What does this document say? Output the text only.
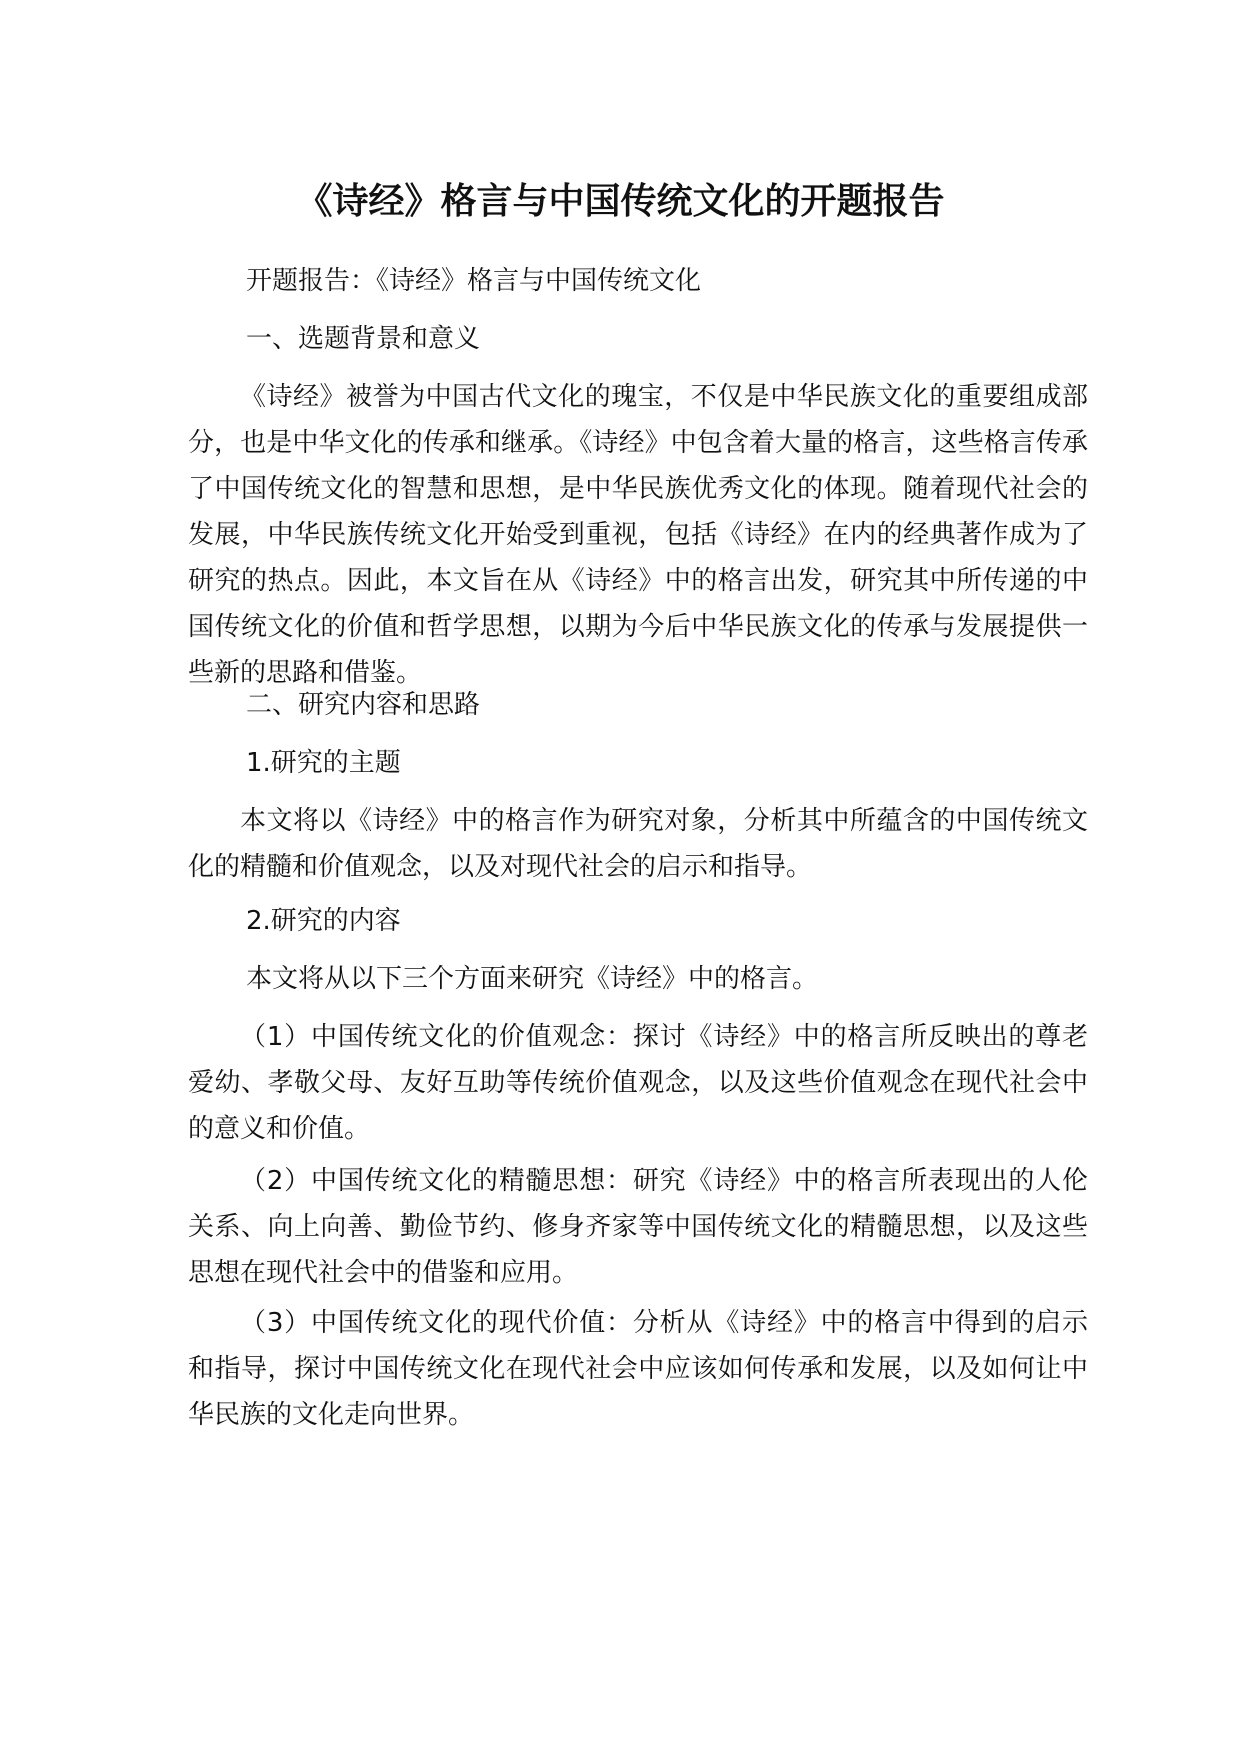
《诗经》格言与中国传统文化的开题报告

开题报告：《诗经》格言与中国传统文化

一、选题背景和意义

《诗经》被誉为中国古代文化的瑰宝，不仅是中华民族文化的重要组成部分，也是中华文化的传承和继承。《诗经》中包含着大量的格言，这些格言传承了中国传统文化的智慧和思想，是中华民族优秀文化的体现。随着现代社会的发展，中华民族传统文化开始受到重视，包括《诗经》在内的经典著作成为了研究的热点。因此，本文旨在从《诗经》中的格言出发，研究其中所传递的中国传统文化的价值和哲学思想，以期为今后中华民族文化的传承与发展提供一些新的思路和借鉴。

二、研究内容和思路

1.研究的主题

本文将以《诗经》中的格言作为研究对象，分析其中所蕴含的中国传统文化的精髓和价值观念，以及对现代社会的启示和指导。

2.研究的内容

本文将从以下三个方面来研究《诗经》中的格言。

（1）中国传统文化的价值观念：探讨《诗经》中的格言所反映出的尊老爱幼、孝敬父母、友好互助等传统价值观念，以及这些价值观念在现代社会中的意义和价值。

（2）中国传统文化的精髓思想：研究《诗经》中的格言所表现出的人伦关系、向上向善、勤俭节约、修身齐家等中国传统文化的精髓思想，以及这些思想在现代社会中的借鉴和应用。

（3）中国传统文化的现代价值：分析从《诗经》中的格言中得到的启示和指导，探讨中国传统文化在现代社会中应该如何传承和发展，以及如何让中华民族的文化走向世界。
